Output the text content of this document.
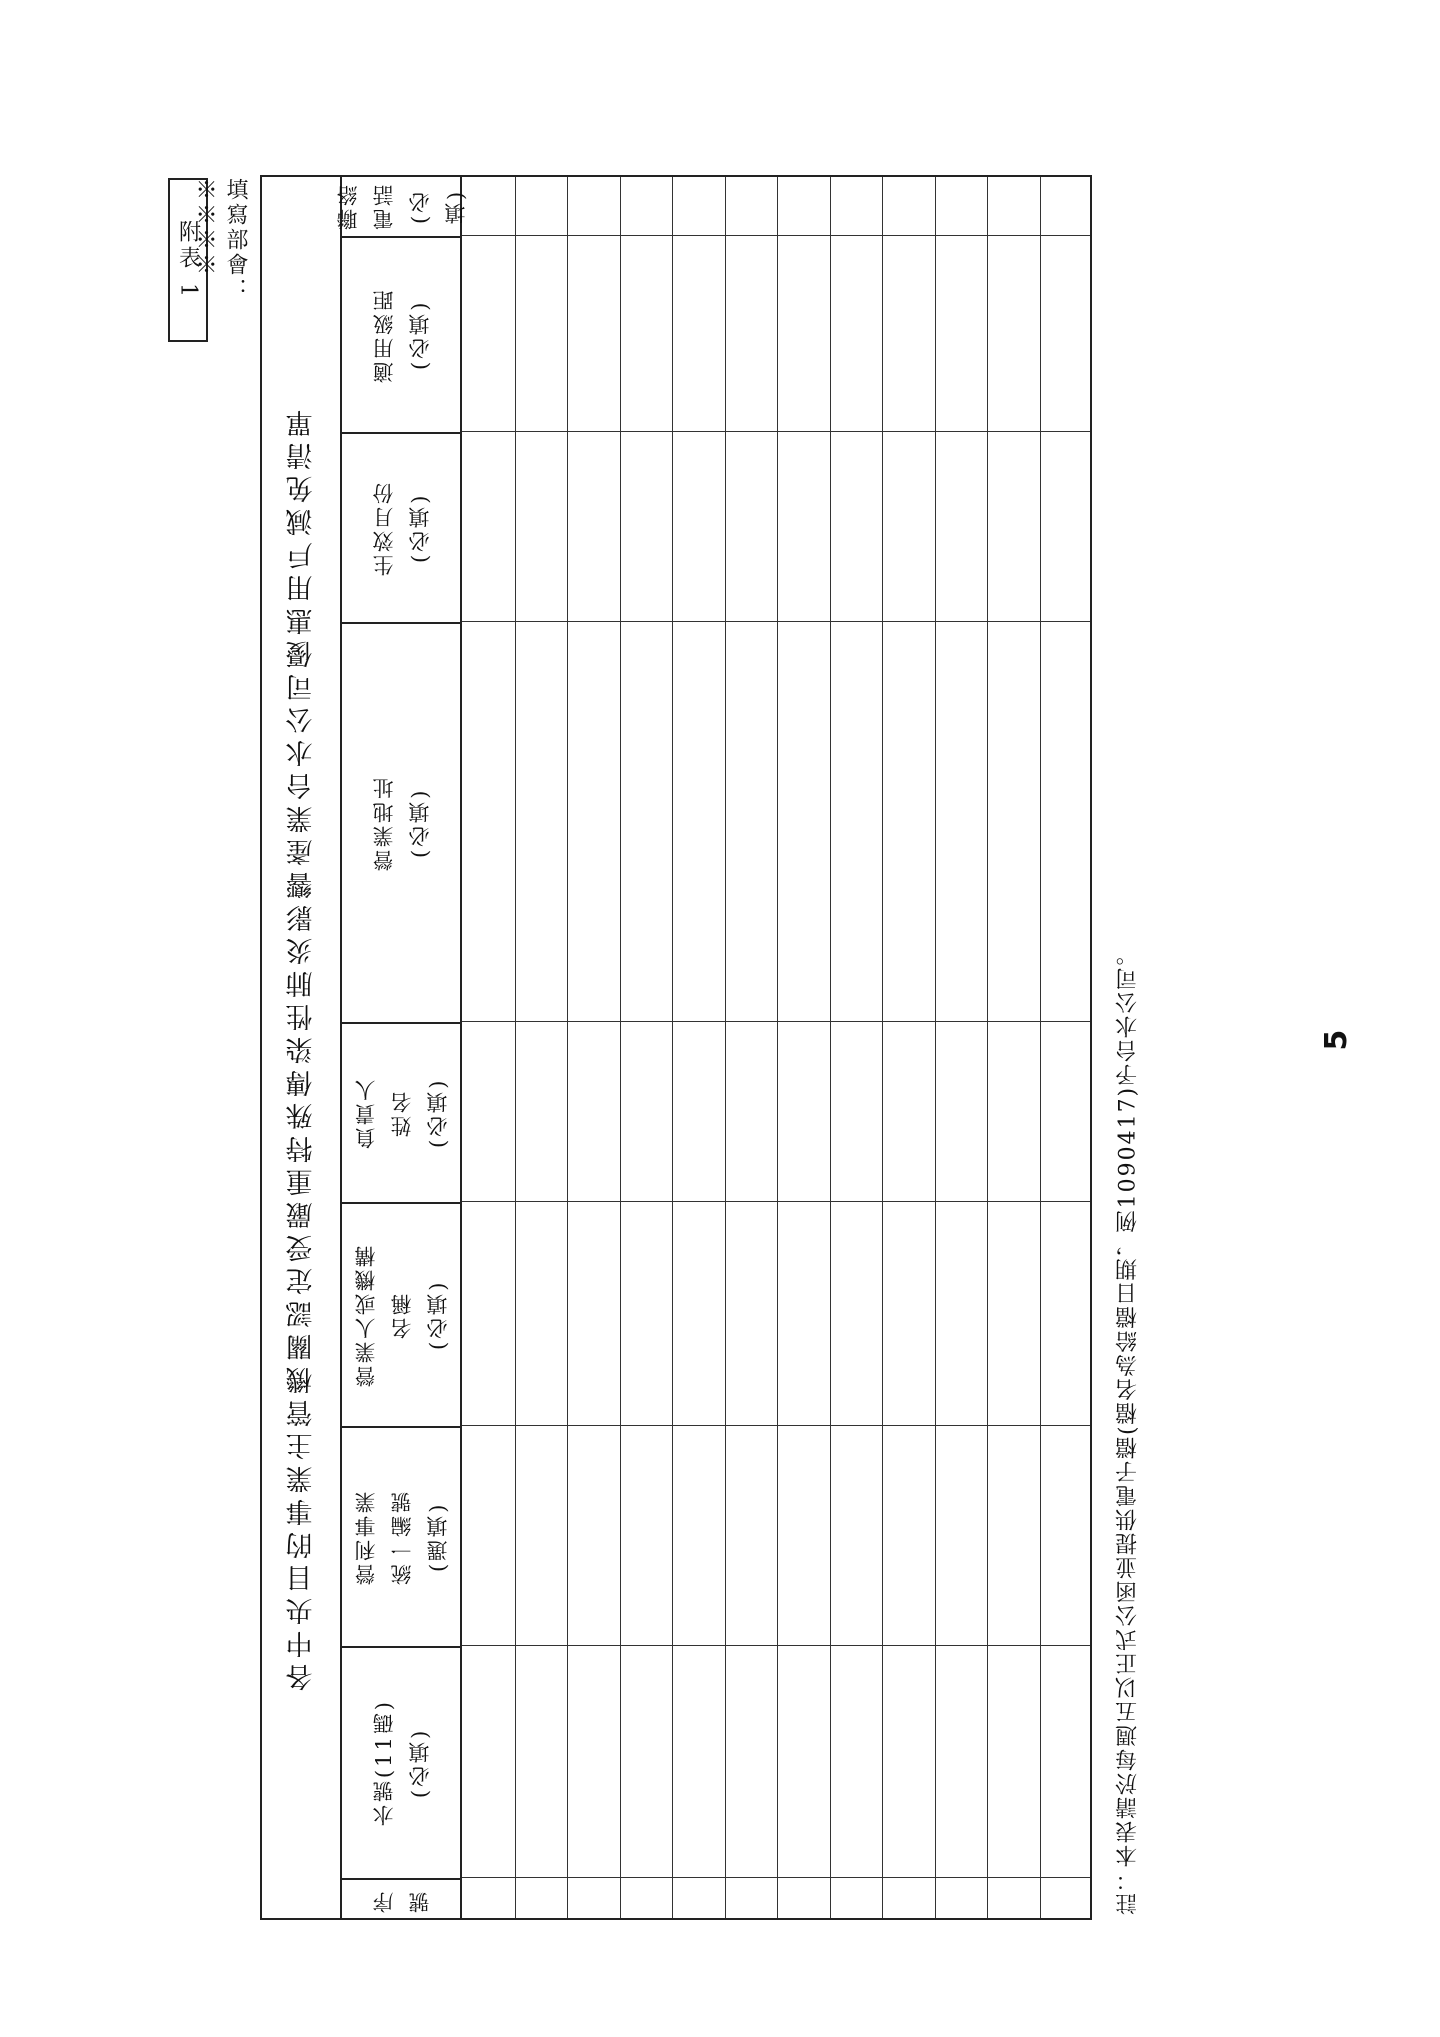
附表 1	填寫部會：※※※※
各中央目的事業主管機關認定受嚴重特殊傳染性肺炎影響產業台水公司優惠用戶減免清單
序 號
水號(11碼) (必填)
營利事業 統一編號 (選填)
營業人或機構 名稱 (必填)
負責人 姓名 (必填)
營業地址 (必填)
生效月份 (必填)
適用級距 (必填)
聯絡電話 (必填)
註：本表請於每週五以正式公函並提供電子檔(檔名為給檔日期，例1090417)予台水公司。	5
